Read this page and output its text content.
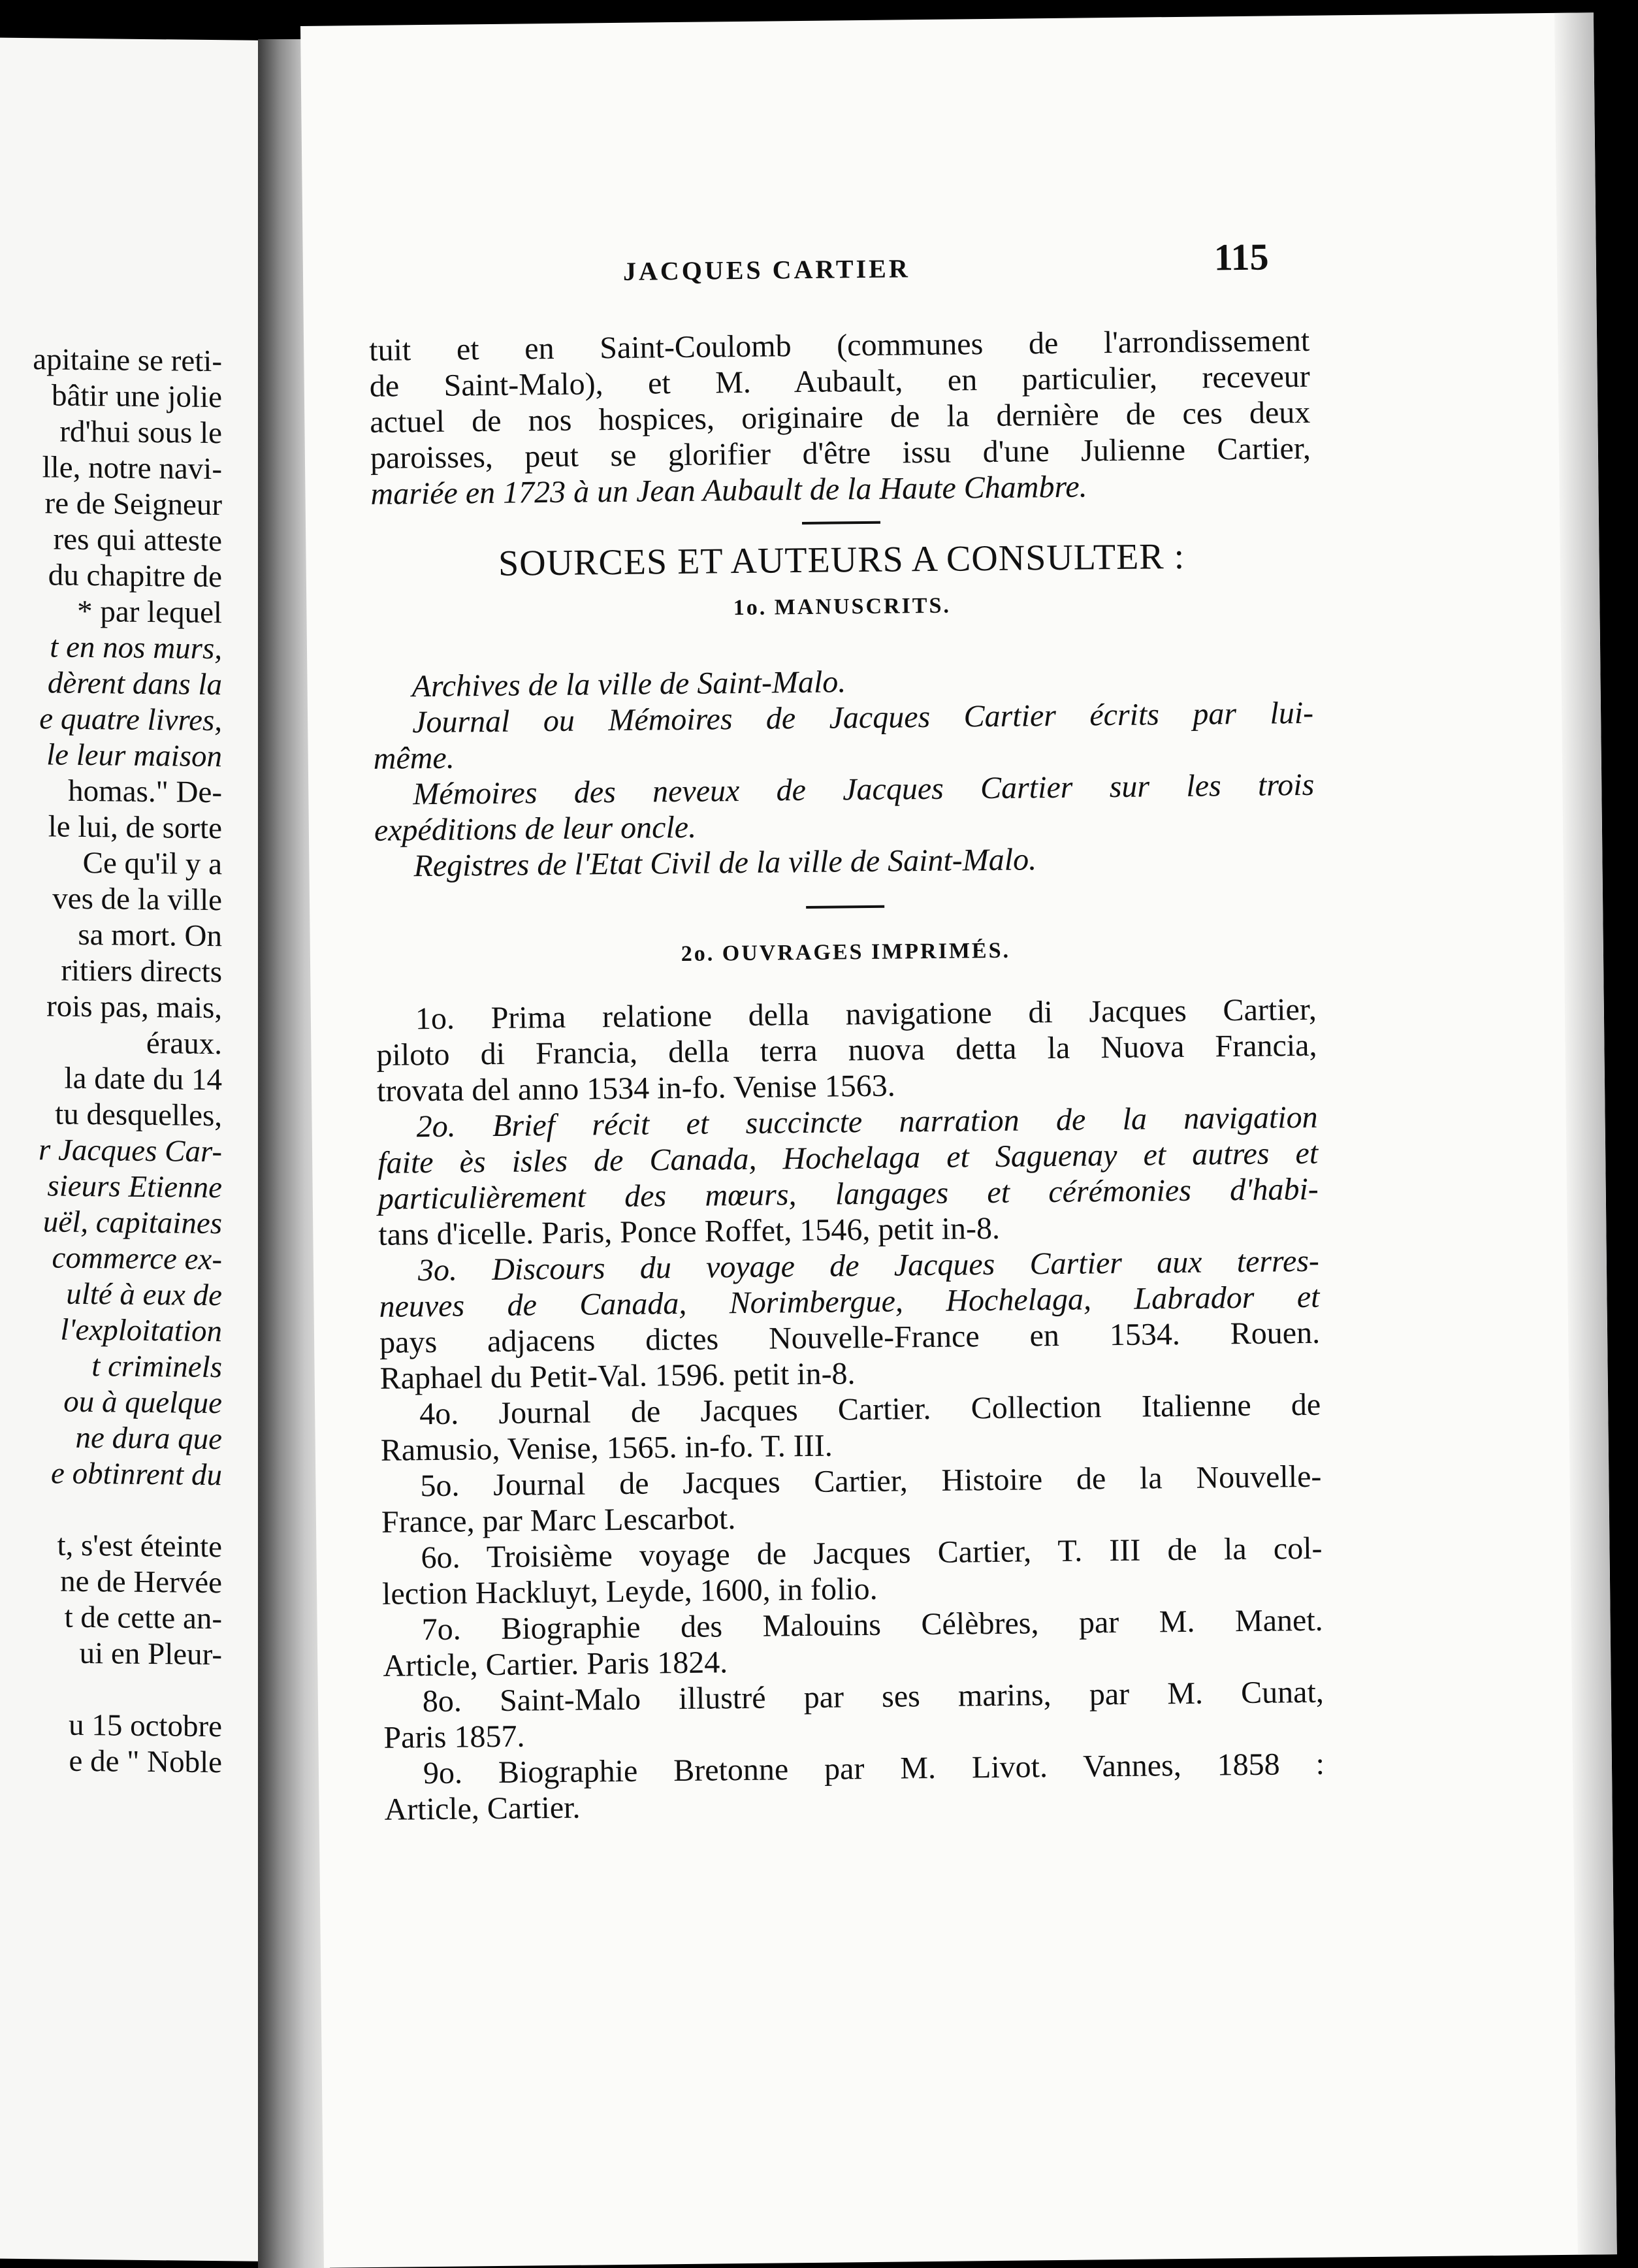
apitaine se reti-
bâtir une jolie
rd'hui sous le
lle, notre navi-
re de Seigneur
res qui atteste
du chapitre de
* par lequel
t en nos murs,
dèrent dans la
e quatre livres,
le leur maison
homas." De-
le lui, de sorte
Ce qu'il y a
ves de la ville
sa mort. On
ritiers directs
rois pas, mais,
éraux.
la date du 14
tu desquelles,
r Jacques Car-
sieurs Etienne
uël, capitaines
commerce ex-
ulté à eux de
l'exploitation
t criminels
ou à quelque
ne dura que
e obtinrent du
t, s'est éteinte
ne de Hervée
t de cette an-
ui en Pleur-
u 15 octobre
e de " Noble
JACQUES CARTIER	115
tuit et en Saint-Coulomb (communes de l'arrondissement
de Saint-Malo), et M. Aubault, en particulier, receveur
actuel de nos hospices, originaire de la dernière de ces deux
paroisses, peut se glorifier d'être issu d'une Julienne Cartier,
mariée en 1723 à un Jean Aubault de la Haute Chambre.
SOURCES ET AUTEURS A CONSULTER :
1o. MANUSCRITS.
Archives de la ville de Saint-Malo.
Journal ou Mémoires de Jacques Cartier écrits par lui-
même.
Mémoires des neveux de Jacques Cartier sur les trois
expéditions de leur oncle.
Registres de l'Etat Civil de la ville de Saint-Malo.
2o. OUVRAGES IMPRIMÉS.
1o. Prima relatione della navigatione di Jacques Cartier,
piloto di Francia, della terra nuova detta la Nuova Francia,
trovata del anno 1534 in-fo. Venise 1563.
2o. Brief récit et succincte narration de la navigation
faite ès isles de Canada, Hochelaga et Saguenay et autres et
particulièrement des mœurs, langages et cérémonies d'habi-
tans d'icelle. Paris, Ponce Roffet, 1546, petit in-8.
3o. Discours du voyage de Jacques Cartier aux terres-
neuves de Canada, Norimbergue, Hochelaga, Labrador et
pays adjacens dictes Nouvelle-France en 1534. Rouen.
Raphael du Petit-Val. 1596. petit in-8.
4o. Journal de Jacques Cartier. Collection Italienne de
Ramusio, Venise, 1565. in-fo. T. III.
5o. Journal de Jacques Cartier, Histoire de la Nouvelle-
France, par Marc Lescarbot.
6o. Troisième voyage de Jacques Cartier, T. III de la col-
lection Hackluyt, Leyde, 1600, in folio.
7o. Biographie des Malouins Célèbres, par M. Manet.
Article, Cartier. Paris 1824.
8o. Saint-Malo illustré par ses marins, par M. Cunat,
Paris 1857.
9o. Biographie Bretonne par M. Livot. Vannes, 1858 :
Article, Cartier.
